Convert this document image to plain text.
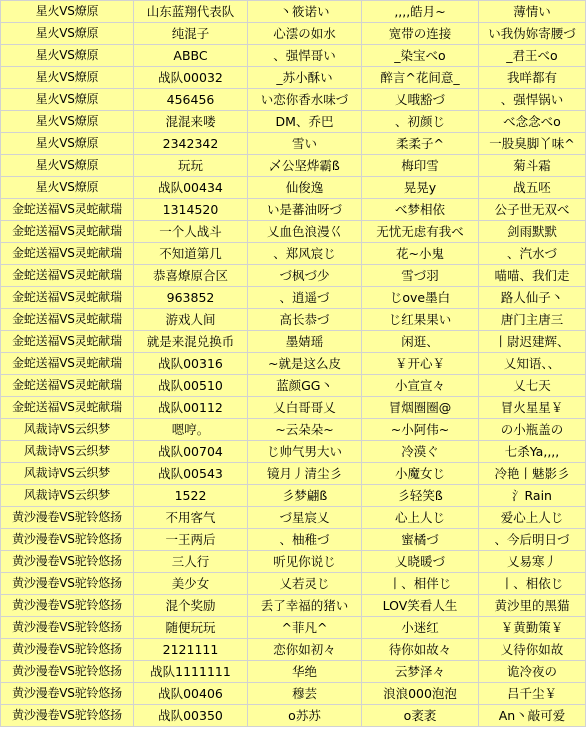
星火VS燎原	山东蓝翔代表队	丶筱诺い	,,,,皓月~	薄情い
星火VS燎原	纯混子	心澐の如水	宽带の连接	い我伪妳寄腰づ
星火VS燎原	ABBC	、强悍哥い	_染宝べo	_君王べo
星火VS燎原	战队00032	_苏小酥い	醉言^花间意_	我咩都有
星火VS燎原	456456	い恋你香水味づ	乂哦豁づ	、强悍锅い
星火VS燎原	混混来喽	DM、乔巴	、初颜じ	べ念念べo
星火VS燎原	2342342	雪い	柔柔子^	一股臭脚丫味^
星火VS燎原	玩玩	乄公坚烨霸ß	梅印雪	菊斗霜
星火VS燎原	战队00434	仙俊逸	晃晃y	战五呸
金蛇送福VS灵蛇献瑞	1314520	い是蕃油呀づ	べ梦相依	公子世无双べ
金蛇送福VS灵蛇献瑞	一个人战斗	乂血色浪漫巜	无忧无虑有我べ	剑雨默默
金蛇送福VS灵蛇献瑞	不知道第几	、郑风宸じ	花~小鬼	、汽水づ
金蛇送福VS灵蛇献瑞	恭喜燎原合区	づ枫づ少	雪づ羽	喵喵、我们走
金蛇送福VS灵蛇献瑞	963852	、逍遥づ	じove墨白	路人仙子丶
金蛇送福VS灵蛇献瑞	游戏人间	高长恭づ	じ红果果い	唐门主唐三
金蛇送福VS灵蛇献瑞	就是来混兑换币	墨婧瑶	闲逛、	丨尉迟建辉、
金蛇送福VS灵蛇献瑞	战队00316	~就是这么皮	￥开心￥	乂知语、、
金蛇送福VS灵蛇献瑞	战队00510	蓝颜GG丶	小宣宣々	乂七天
金蛇送福VS灵蛇献瑞	战队00112	乂白哥哥乂	冒烟圈圈@	冒火星星￥
风裁诗VS云织梦	嗯哼。	~云朵朵~	~小阿伟~	の小瓶盖の
风裁诗VS云织梦	战队00704	じ帅气男大い	冷漠ぐ	七杀Ya,,,,
风裁诗VS云织梦	战队00543	镜月丿清尘彡	小魔女じ	冷艳丨魅影彡
风裁诗VS云织梦	1522	彡梦翩ß	彡轻笑ß	氵Rain
黄沙漫卷VS驼铃悠扬	不用客气	づ星宸乂	心上人じ	爱心上人じ
黄沙漫卷VS驼铃悠扬	一王两后	、柚稚づ	蜜橘づ	、今后明日づ
黄沙漫卷VS驼铃悠扬	三人行	听见你说じ	乂晓暖づ	乂易寒丿
黄沙漫卷VS驼铃悠扬	美少女	乂若灵じ	丨、相伴じ	丨、相依じ
黄沙漫卷VS驼铃悠扬	混个奖励	丢了幸福的猪い	LOV笑看人生	黄沙里的黑猫
黄沙漫卷VS驼铃悠扬	随便玩玩	^菲凡^	小迷红	￥黄勤策￥
黄沙漫卷VS驼铃悠扬	2121111	恋你如初々	待你如故々	乂待你如故
黄沙漫卷VS驼铃悠扬	战队1111111	华绝	云梦泽々	诡冷夜の
黄沙漫卷VS驼铃悠扬	战队00406	穆芸	浪浪000泡泡	吕千尘￥
黄沙漫卷VS驼铃悠扬	战队00350	o苏苏	o袤袤	An丶敲可爱
